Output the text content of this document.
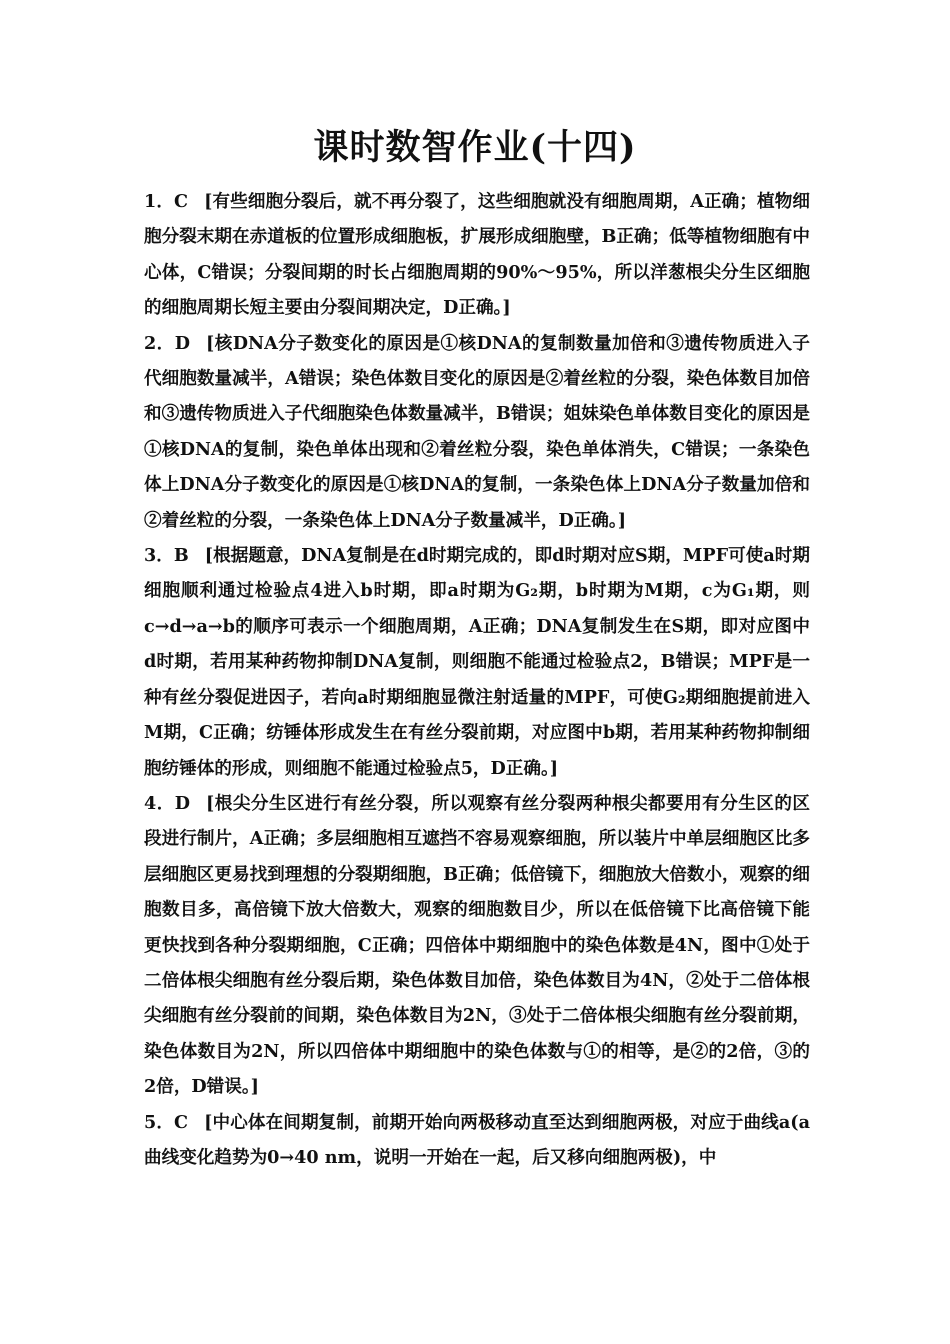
课时数智作业(十四)

1．C [有些细胞分裂后，就不再分裂了，这些细胞就没有细胞周期，A正确；植物细胞分裂末期在赤道板的位置形成细胞板，扩展形成细胞壁，B正确；低等植物细胞有中心体，C错误；分裂间期的时长占细胞周期的90%～95%，所以洋葱根尖分生区细胞的细胞周期长短主要由分裂间期决定，D正确。]

2．D [核DNA分子数变化的原因是①核DNA的复制数量加倍和③遗传物质进入子代细胞数量减半，A错误；染色体数目变化的原因是②着丝粒的分裂，染色体数目加倍和③遗传物质进入子代细胞染色体数量减半，B错误；姐妹染色单体数目变化的原因是①核DNA的复制，染色单体出现和②着丝粒分裂，染色单体消失，C错误；一条染色体上DNA分子数变化的原因是①核DNA的复制，一条染色体上DNA分子数量加倍和②着丝粒的分裂，一条染色体上DNA分子数量减半，D正确。]

3．B [根据题意，DNA复制是在d时期完成的，即d时期对应S期，MPF可使a时期细胞顺利通过检验点4进入b时期，即a时期为G₂期，b时期为M期，c为G₁期，则c→d→a→b的顺序可表示一个细胞周期，A正确；DNA复制发生在S期，即对应图中d时期，若用某种药物抑制DNA复制，则细胞不能通过检验点2，B错误；MPF是一种有丝分裂促进因子，若向a时期细胞显微注射适量的MPF，可使G₂期细胞提前进入M期，C正确；纺锤体形成发生在有丝分裂前期，对应图中b期，若用某种药物抑制细胞纺锤体的形成，则细胞不能通过检验点5，D正确。]

4．D [根尖分生区进行有丝分裂，所以观察有丝分裂两种根尖都要用有分生区的区段进行制片，A正确；多层细胞相互遮挡不容易观察细胞，所以装片中单层细胞区比多层细胞区更易找到理想的分裂期细胞，B正确；低倍镜下，细胞放大倍数小，观察的细胞数目多，高倍镜下放大倍数大，观察的细胞数目少，所以在低倍镜下比高倍镜下能更快找到各种分裂期细胞，C正确；四倍体中期细胞中的染色体数是4N，图中①处于二倍体根尖细胞有丝分裂后期，染色体数目加倍，染色体数目为4N，②处于二倍体根尖细胞有丝分裂前的间期，染色体数目为2N，③处于二倍体根尖细胞有丝分裂前期，染色体数目为2N，所以四倍体中期细胞中的染色体数与①的相等，是②的2倍，③的2倍，D错误。]

5．C [中心体在间期复制，前期开始向两极移动直至达到细胞两极，对应于曲线a(a曲线变化趋势为0→40 nm，说明一开始在一起，后又移向细胞两极)，中
